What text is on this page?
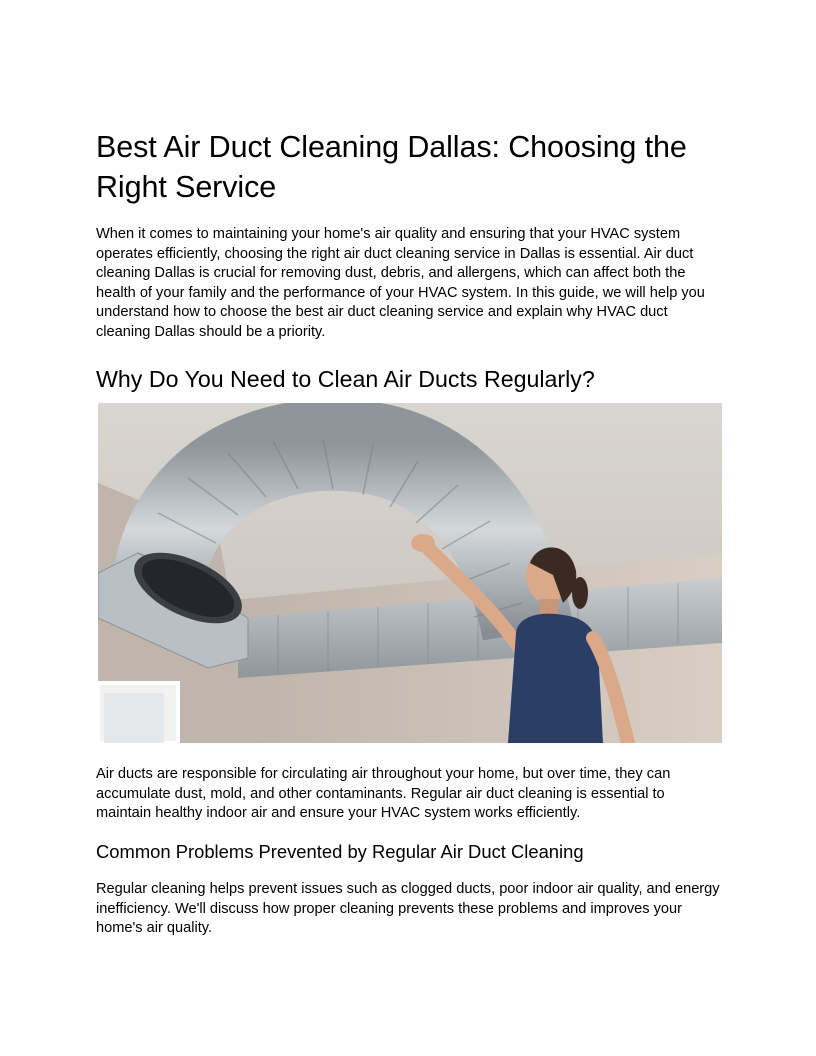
Best Air Duct Cleaning Dallas: Choosing the Right Service

When it comes to maintaining your home's air quality and ensuring that your HVAC system operates efficiently, choosing the right air duct cleaning service in Dallas is essential. Air duct cleaning Dallas is crucial for removing dust, debris, and allergens, which can affect both the health of your family and the performance of your HVAC system. In this guide, we will help you understand how to choose the best air duct cleaning service and explain why HVAC duct cleaning Dallas should be a priority.

Why Do You Need to Clean Air Ducts Regularly?

Air ducts are responsible for circulating air throughout your home, but over time, they can accumulate dust, mold, and other contaminants. Regular air duct cleaning is essential to maintain healthy indoor air and ensure your HVAC system works efficiently.

Common Problems Prevented by Regular Air Duct Cleaning

Regular cleaning helps prevent issues such as clogged ducts, poor indoor air quality, and energy inefficiency. We'll discuss how proper cleaning prevents these problems and improves your home's air quality.
